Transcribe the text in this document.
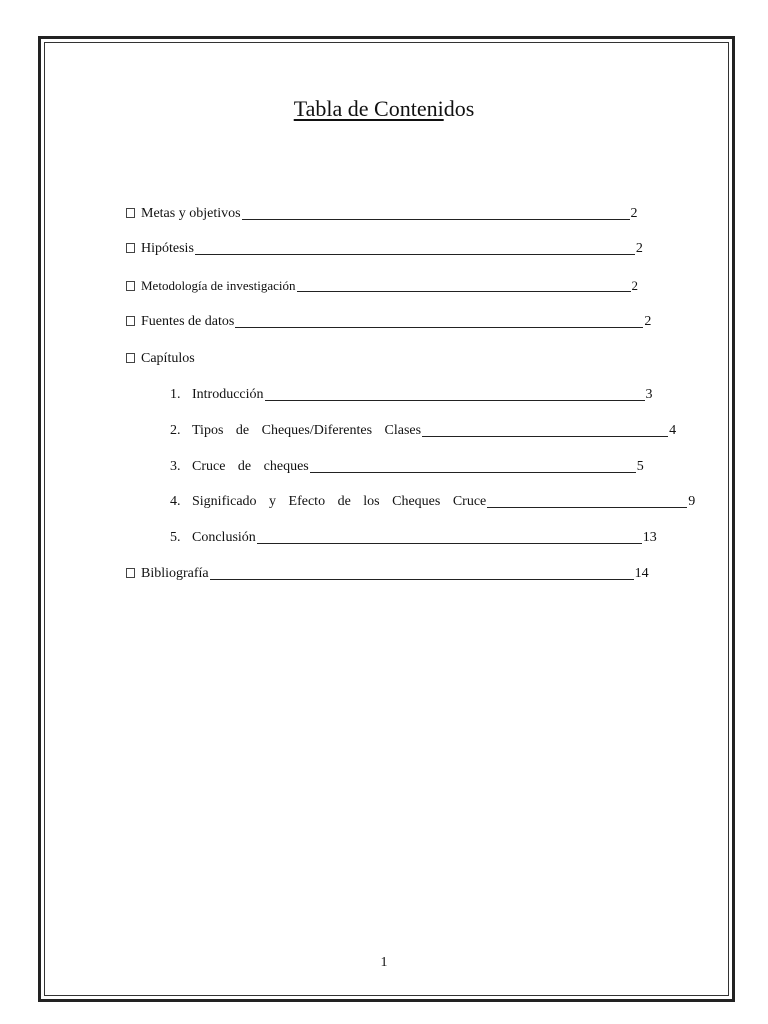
Tabla de Contenidos
Metas y objetivos	2
Hipótesis	2
Metodología de investigación	2
Fuentes de datos	2
Capítulos
1. Introducción	3
2. Tipos de Cheques/Diferentes Clases	4
3. Cruce de cheques	5
4. Significado y Efecto de los Cheques Cruce	9
5. Conclusión	13
Bibliografía	14
1
